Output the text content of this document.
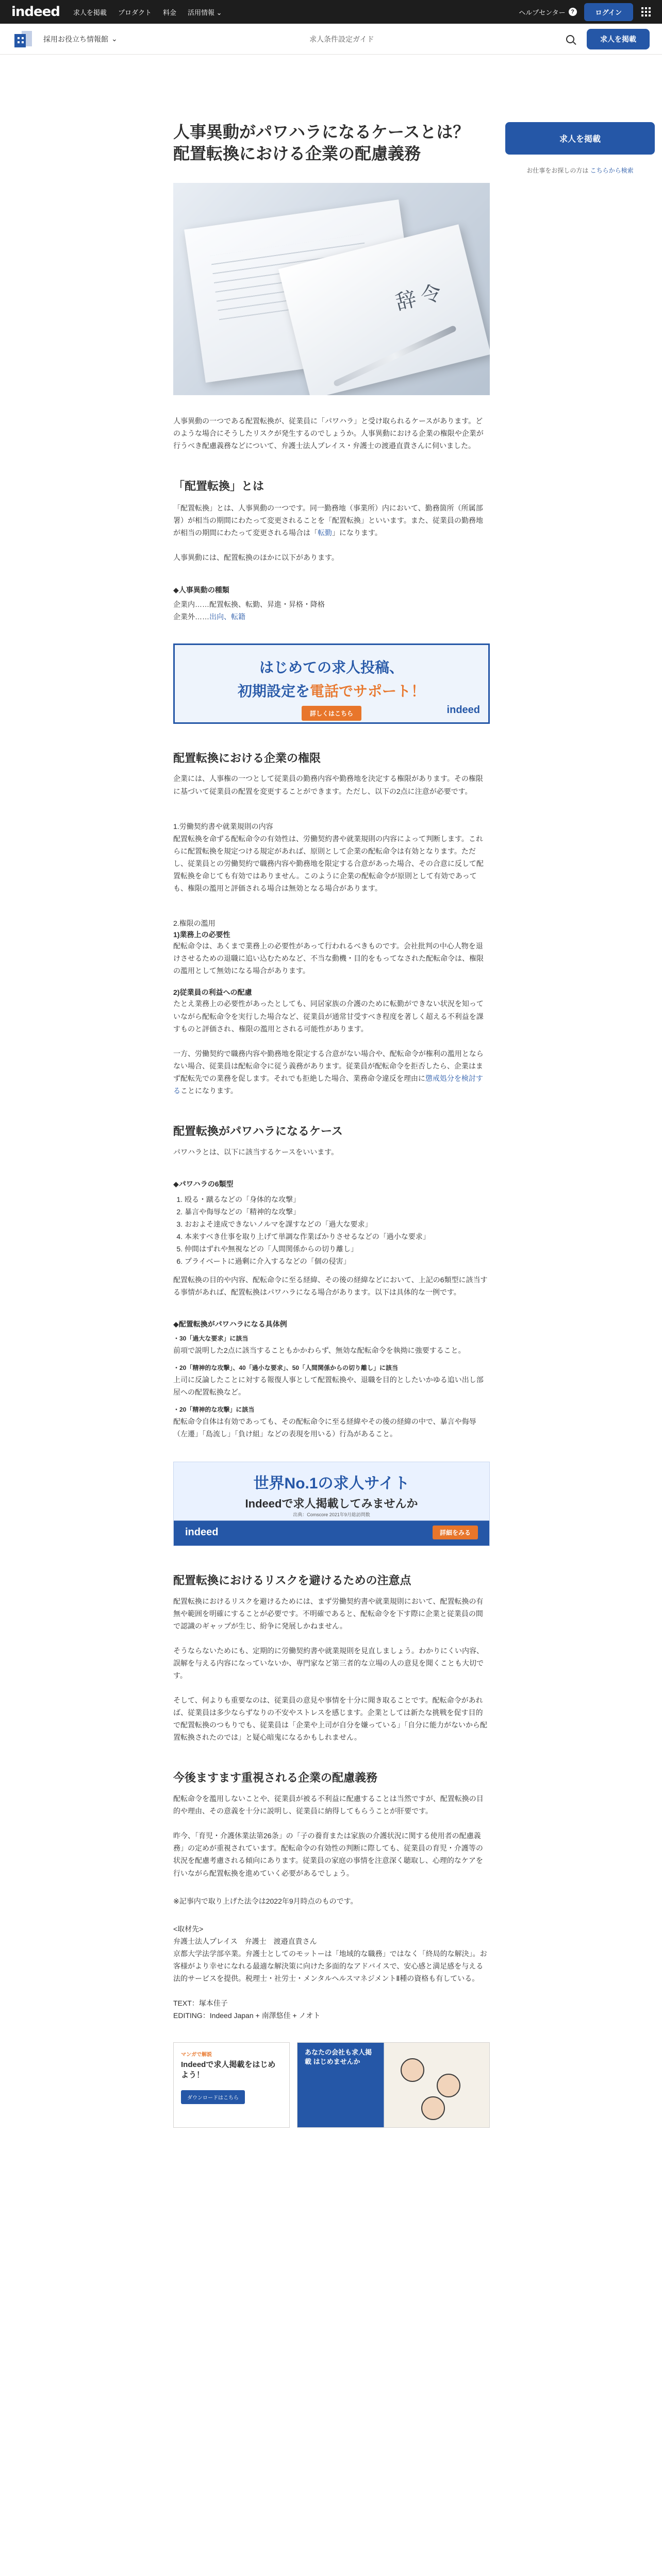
indeed 求人を掲載 プロダクト 料金 活用情報 ⌄	ヘルプセンター ?	ログイン
採用お役立ち情報館 ⌄	求人条件設定ガイド	求人を掲載
求人を掲載
お仕事をお探しの方は こちらから検索
人事異動がパワハラになるケースとは？　配置転換における企業の配慮義務
辞令

人事異動の一つである配置転換が、従業員に「パワハラ」と受け取られるケースがあります。どのような場合にそうしたリスクが発生するのでしょうか。人事異動における企業の権限や企業が行うべき配慮義務などについて、弁護士法人プレイス・弁護士の渡邉直貴さんに伺いました。

「配置転換」とは

「配置転換」とは、人事異動の一つです。同一勤務地（事業所）内において、勤務箇所（所属部署）が相当の期間にわたって変更されることを「配置転換」といいます。また、従業員の勤務地が相当の期間にわたって変更される場合は「転勤」になります。

人事異動には、配置転換のほかに以下があります。

◆人事異動の種類

企業内……配置転換、転勤、昇進・昇格・降格

企業外……出向、転籍

はじめての求人投稿、
初期設定を電話でサポート！
詳しくはこちら	indeed
配置転換における企業の権限

企業には、人事権の一つとして従業員の勤務内容や勤務地を決定する権限があります。その権限に基づいて従業員の配置を変更することができます。ただし、以下の2点に注意が必要です。

1.労働契約書や就業規則の内容

配置転換を命ずる配転命令の有効性は、労働契約書や就業規則の内容によって判断します。これらに配置転換を規定つける規定があれば、原則として企業の配転命令は有効となります。ただし、従業員との労働契約で職務内容や勤務地を限定する合意があった場合、その合意に反して配置転換を命じても有効ではありません。このように企業の配転命令が原則として有効であっても、権限の濫用と評価される場合は無効となる場合があります。

2.権限の濫用

1)業務上の必要性

配転命令は、あくまで業務上の必要性があって行われるべきものです。会社批判の中心人物を退けさせるための退職に追い込むためなど、不当な動機・目的をもってなされた配転命令は、権限の濫用として無効になる場合があります。

2)従業員の利益への配慮

たとえ業務上の必要性があったとしても、同居家族の介護のために転勤ができない状況を知っていながら配転命令を実行した場合など、従業員が通常甘受すべき程度を著しく超える不利益を課すものと評価され、権限の濫用とされる可能性があります。

一方、労働契約で職務内容や勤務地を限定する合意がない場合や、配転命令が権利の濫用とならない場合、従業員は配転命令に従う義務があります。従業員が配転命令を拒否したら、企業はまず配転先での業務を促します。それでも拒絶した場合、業務命令違反を理由に懲戒処分を検討することになります。

配置転換がパワハラになるケース

パワハラとは、以下に該当するケースをいいます。

◆パワハラの6類型
1. 殴る・蹴るなどの「身体的な攻撃」
2. 暴言や侮辱などの「精神的な攻撃」
3. おおよそ達成できないノルマを課すなどの「過大な要求」
4. 本来すべき仕事を取り上げて単調な作業ばかりさせるなどの「過小な要求」
5. 仲間はずれや無視などの「人間関係からの切り離し」
6. プライベートに過剰に介入するなどの「個の侵害」

配置転換の目的や内容、配転命令に至る経緯、その後の経緯などにおいて、上記の6類型に該当する事情があれば、配置転換はパワハラになる場合があります。以下は具体的な一例です。

◆配置転換がパワハラになる具体例

・30「過大な要求」に該当

前項で説明した2点に該当することもかかわらず、無効な配転命令を執拗に強要すること。

・20「精神的な攻撃」、40「過小な要求」、50「人間関係からの切り離し」に該当

上司に反論したことに対する報復人事として配置転換や、退職を目的としたいかゆる追い出し部屋への配置転換など。

・20「精神的な攻撃」に該当

配転命令自体は有効であっても、その配転命令に至る経緯やその後の経緯の中で、暴言や侮辱（左遷」「島流し」「負け組」などの表現を用いる）行為があること。

世界No.1の求人サイト
Indeedで求人掲載してみませんか
出典：Comscore 2021年9月総訪問数
indeed	詳細をみる
配置転換におけるリスクを避けるための注意点

配置転換におけるリスクを避けるためには、まず労働契約書や就業規則において、配置転換の有無や範囲を明確にすることが必要です。不明確であると、配転命令を下す際に企業と従業員の間で認識のギャップが生じ、紛争に発展しかねません。

そうならないためにも、定期的に労働契約書や就業規則を見直しましょう。わかりにくい内容、誤解を与える内容になっていないか、専門家など第三者的な立場の人の意見を聞くことも大切です。

そして、何よりも重要なのは、従業員の意見や事情を十分に聞き取ることです。配転命令があれば、従業員は多少ならずなりの不安やストレスを感じます。企業としては新たな挑戦を促す目的で配置転換のつもりでも、従業員は「企業や上司が自分を嫌っている」「自分に能力がないから配置転換されたのでは」と疑心暗鬼になるかもしれません。

今後ますます重視される企業の配慮義務

配転命令を濫用しないことや、従業員が被る不利益に配慮することは当然ですが、配置転換の目的や理由、その意義を十分に説明し、従業員に納得してもらうことが肝要です。

昨今、「育児・介護休業法第26条」の「子の養育または家族の介護状況に関する使用者の配慮義務」の定めが重視されています。配転命令の有効性の判断に際しても、従業員の育児・介護等の状況を配慮考慮される傾向にあります。従業員の家庭の事情を注意深く聴取し、心理的なケアを行いながら配置転換を進めていく必要があるでしょう。

※記事内で取り上げた法令は2022年9月時点のものです。

<取材先>

弁護士法人プレイス　弁護士　渡邉直貴さん
京都大学法学部卒業。弁護士としてのモットーは「地域的な職務」ではなく「終局的な解決」。お客様がより幸せになれる最適な解決策に向けた多面的なアドバイスで、安心感と満足感を与える法的サービスを提供。税理士・社労士・メンタルヘルスマネジメントⅡ種の資格も有している。

TEXT：塚本佳子
EDITING：Indeed Japan + 南澤悠佳 + ノオト

マンガで解説
Indeedで求人掲載をはじめよう！
ダウンロードはこちら
あなたの会社も求人掲載 はじめませんか
